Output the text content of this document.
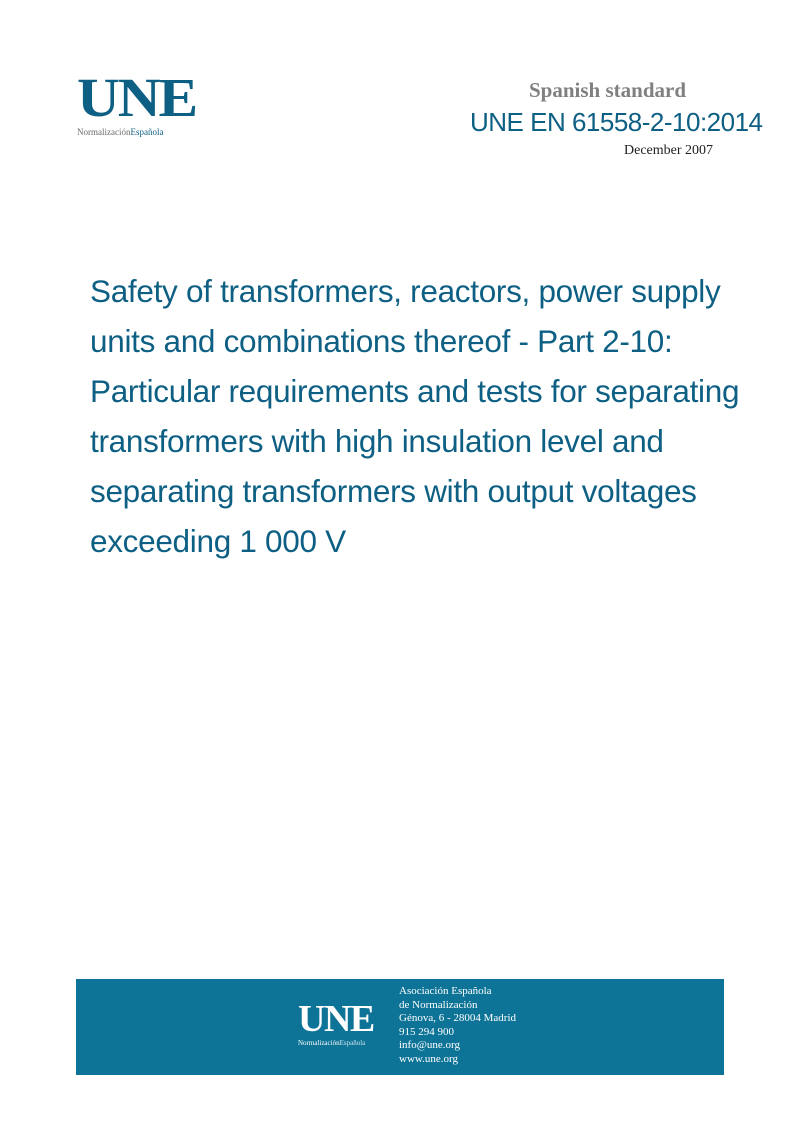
UNE
NormalizaciónEspañola
Spanish standard
UNE EN 61558-2-10:2014
December 2007
Safety of transformers, reactors, power supply units and combinations thereof - Part 2-10: Particular requirements and tests for separating transformers with high insulation level and separating transformers with output voltages exceeding 1 000 V
UNE
NormalizaciónEspañola
Asociación Española
de Normalización
Génova, 6 - 28004 Madrid
915 294 900
info@une.org
www.une.org
